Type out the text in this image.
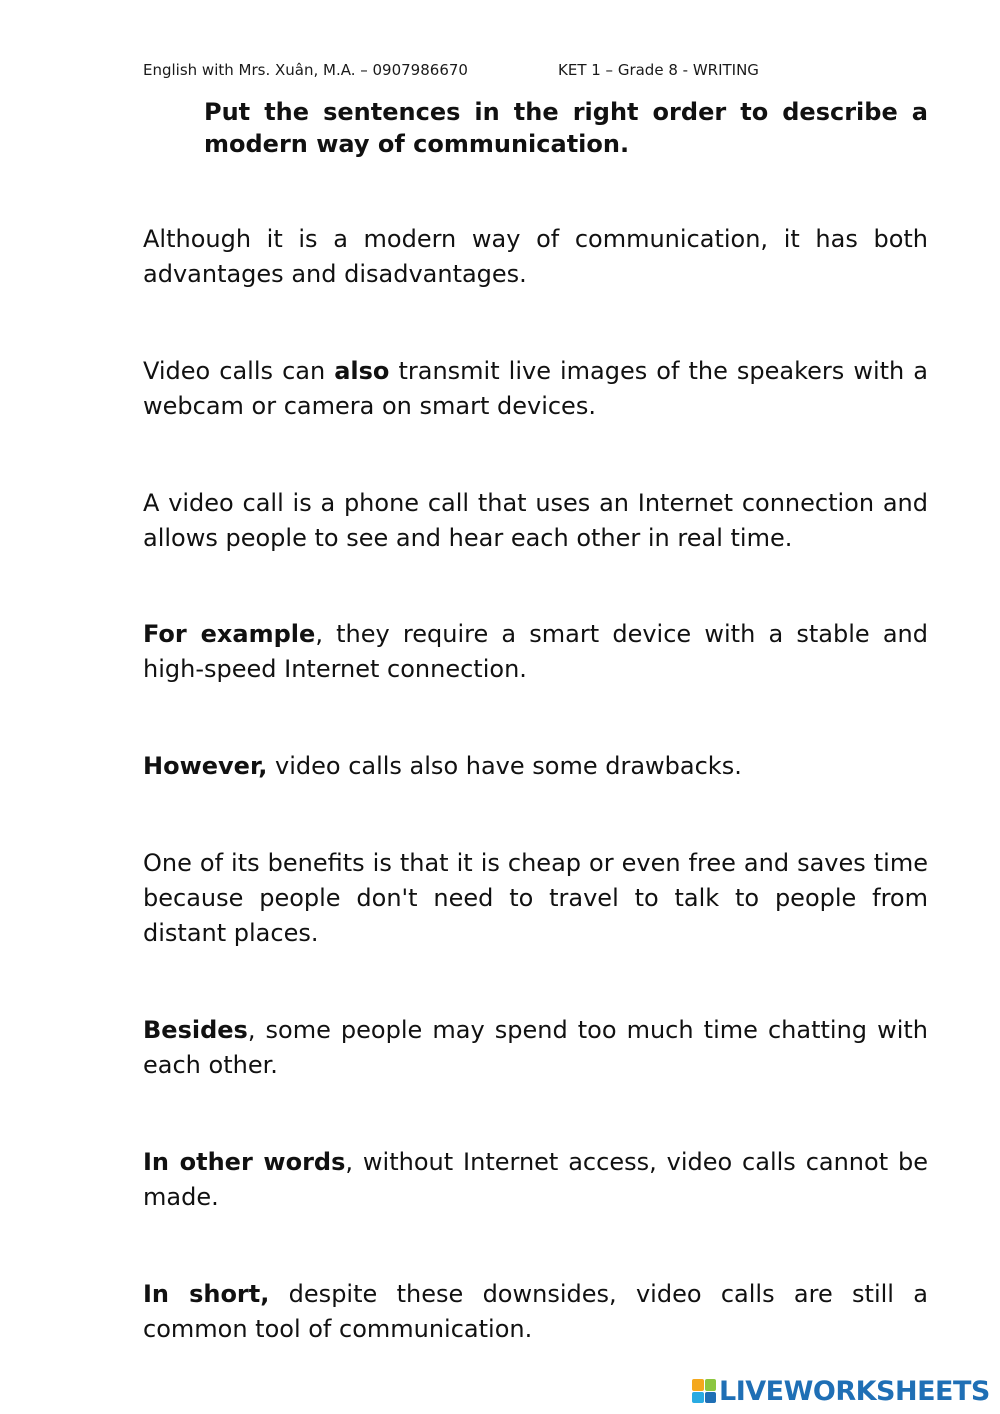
English with Mrs. Xuân, M.A. – 0907986670	KET 1 – Grade 8 - WRITING

Put the sentences in the right order to describe a modern way of communication.

Although it is a modern way of communication, it has both advantages and disadvantages.

Video calls can also transmit live images of the speakers with a webcam or camera on smart devices.

A video call is a phone call that uses an Internet connection and allows people to see and hear each other in real time.

For example, they require a smart device with a stable and high-speed Internet connection.

However, video calls also have some drawbacks.

One of its benefits is that it is cheap or even free and saves time because people don't need to travel to talk to people from distant places.

Besides, some people may spend too much time chatting with each other.

In other words, without Internet access, video calls cannot be made.

In short, despite these downsides, video calls are still a common tool of communication.

LIVEWORKSHEETS
